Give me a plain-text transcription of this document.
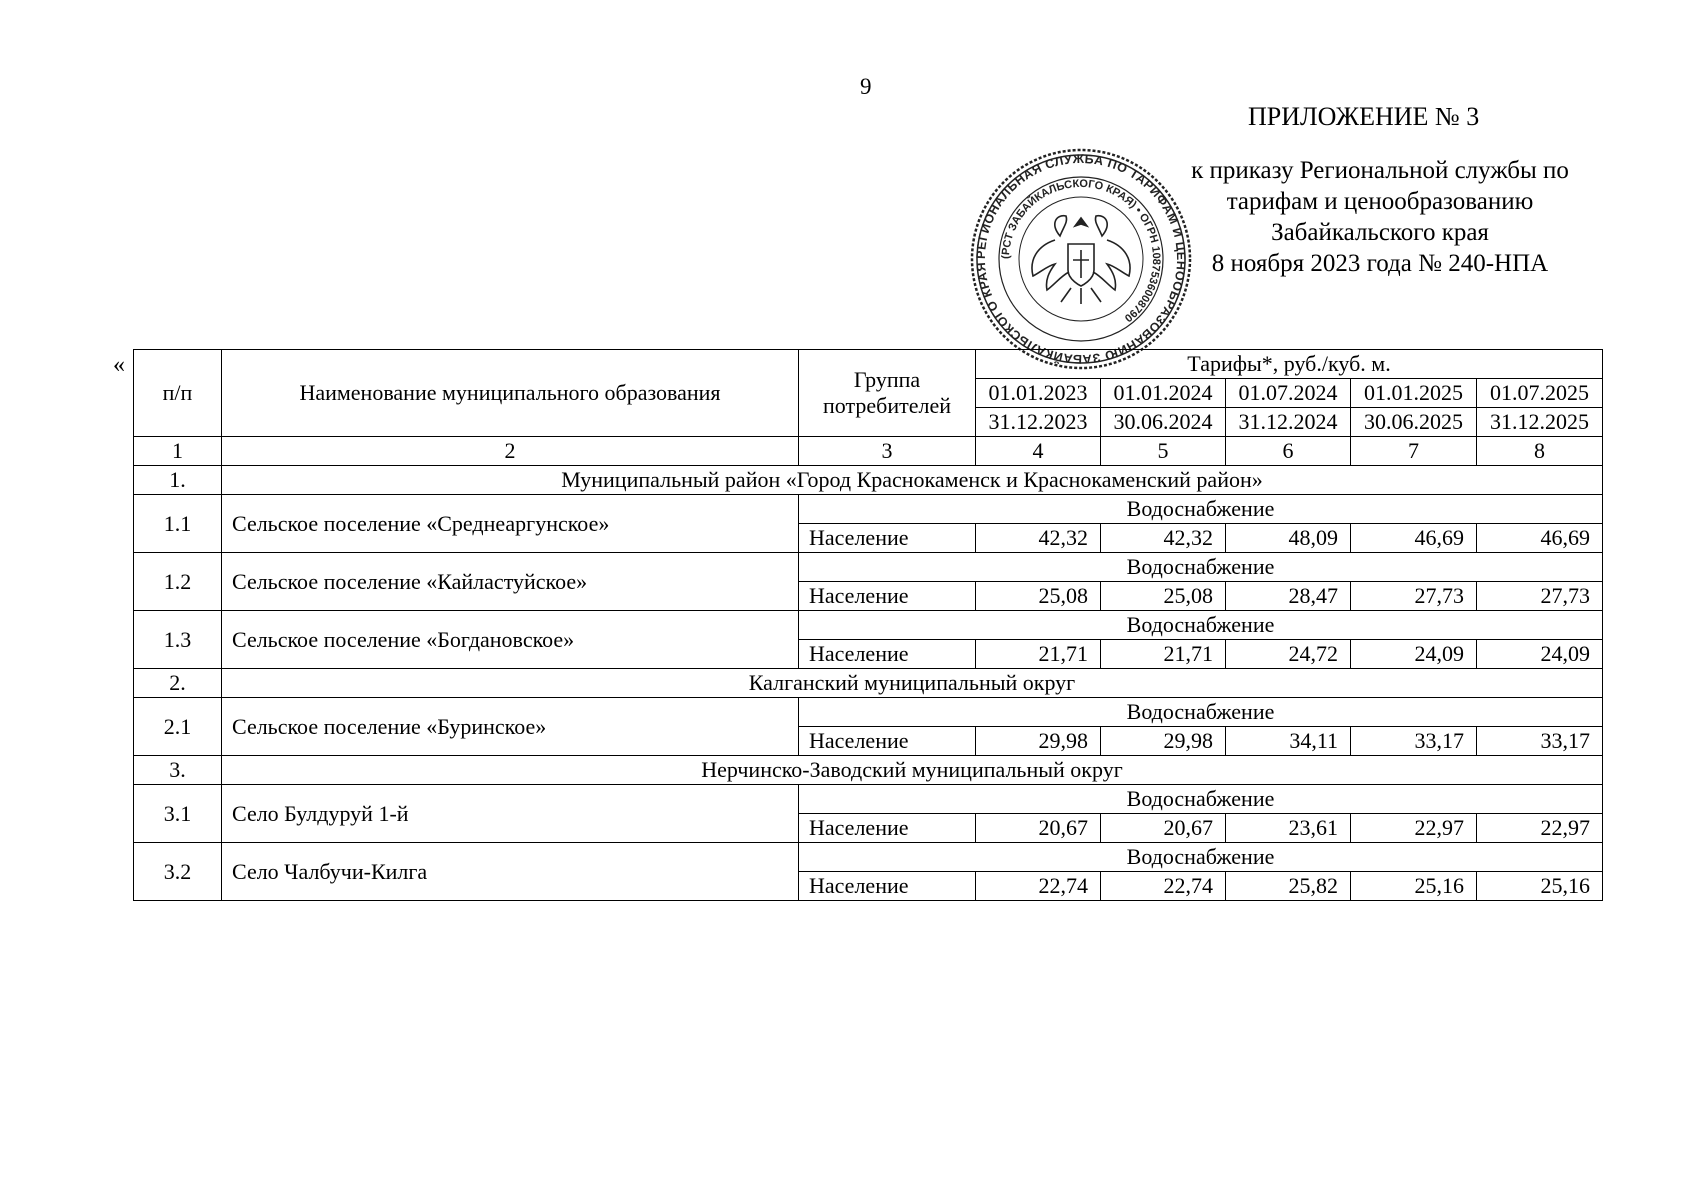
9
ПРИЛОЖЕНИЕ № 3
к приказу Региональной службы по
тарифам и ценообразованию
Забайкальского края
8 ноября 2023 года № 240-НПА
РЕГИОНАЛЬНАЯ СЛУЖБА ПО ТАРИФАМ И ЦЕНООБРАЗОВАНИЮ ЗАБАЙКАЛЬСКОГО КРАЯ
(РСТ ЗАБАЙКАЛЬСКОГО КРАЯ) • ОГРН 1087536008790
«
п/п	Наименование муниципального образования	Группа потребителей	Тарифы*, руб./куб. м.				
			01.01.2023	01.01.2024	01.07.2024	01.01.2025	01.07.2025
			31.12.2023	30.06.2024	31.12.2024	30.06.2025	31.12.2025
1	2	3	4	5	6	7	8
1.	Муниципальный район «Город Краснокаменск и Краснокаменский район»						
1.1	Сельское поселение «Среднеаргунское»	Водоснабжение					
		Население	42,32	42,32	48,09	46,69	46,69
1.2	Сельское поселение «Кайластуйское»	Водоснабжение					
		Население	25,08	25,08	28,47	27,73	27,73
1.3	Сельское поселение «Богдановское»	Водоснабжение					
		Население	21,71	21,71	24,72	24,09	24,09
2.	Калганский муниципальный округ						
2.1	Сельское поселение «Буринское»	Водоснабжение					
		Население	29,98	29,98	34,11	33,17	33,17
3.	Нерчинско-Заводский муниципальный округ						
3.1	Село Булдуруй 1-й	Водоснабжение					
		Население	20,67	20,67	23,61	22,97	22,97
3.2	Село Чалбучи-Килга	Водоснабжение					
		Население	22,74	22,74	25,82	25,16	25,16
